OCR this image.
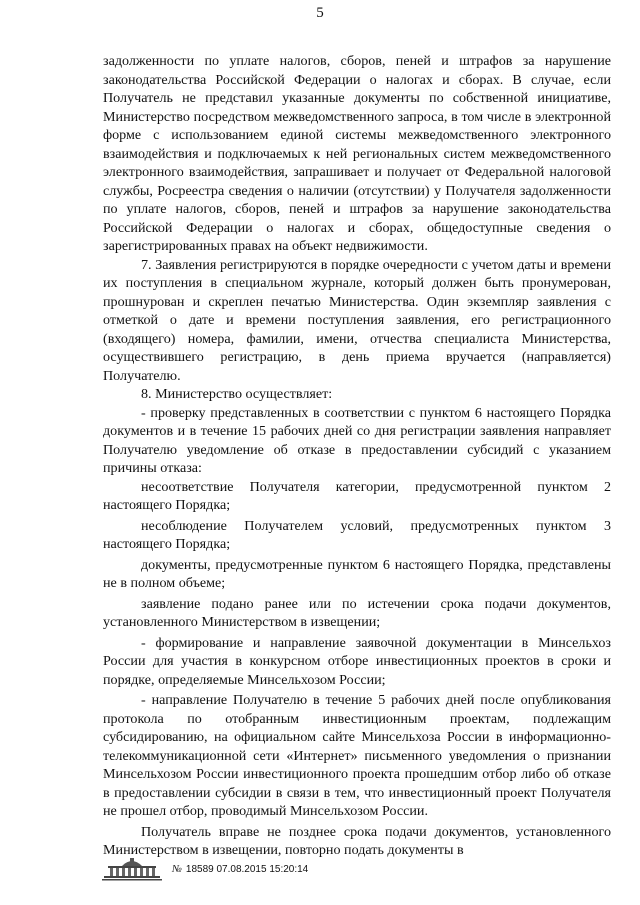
5

задолженности по уплате налогов, сборов, пеней и штрафов за нарушение законодательства Российской Федерации о налогах и сборах. В случае, если Получатель не представил указанные документы по собственной инициативе, Министерство посредством межведомственного запроса, в том числе в электронной форме с использованием единой системы межведомственного электронного взаимодействия и подключаемых к ней региональных систем межведомственного электронного взаимодействия, запрашивает и получает от Федеральной налоговой службы, Росреестра сведения о наличии (отсутствии) у Получателя задолженности по уплате налогов, сборов, пеней и штрафов за нарушение законодательства Российской Федерации о налогах и сборах, общедоступные сведения о зарегистрированных правах на объект недвижимости.

7. Заявления регистрируются в порядке очередности с учетом даты и времени их поступления в специальном журнале, который должен быть пронумерован, прошнурован и скреплен печатью Министерства. Один экземпляр заявления с отметкой о дате и времени поступления заявления, его регистрационного (входящего) номера, фамилии, имени, отчества специалиста Министерства, осуществившего регистрацию, в день приема вручается (направляется) Получателю.

8. Министерство осуществляет:

- проверку представленных в соответствии с пунктом 6 настоящего Порядка документов и в течение 15 рабочих дней со дня регистрации заявления направляет Получателю уведомление об отказе в предоставлении субсидий с указанием причины отказа:

несоответствие Получателя категории, предусмотренной пунктом 2 настоящего Порядка;

несоблюдение Получателем условий, предусмотренных пунктом 3 настоящего Порядка;

документы, предусмотренные пунктом 6 настоящего Порядка, представлены не в полном объеме;

заявление подано ранее или по истечении срока подачи документов, установленного Министерством в извещении;

- формирование и направление заявочной документации в Минсельхоз России для участия в конкурсном отборе инвестиционных проектов в сроки и порядке, определяемые Минсельхозом России;

- направление Получателю в течение 5 рабочих дней после опубликования протокола по отобранным инвестиционным проектам, подлежащим субсидированию, на официальном сайте Минсельхоза России в информационно-телекоммуникационной сети «Интернет» письменного уведомления о признании Минсельхозом России инвестиционного проекта прошедшим отбор либо об отказе в предоставлении субсидии в связи в тем, что инвестиционный проект Получателя не прошел отбор, проводимый Минсельхозом России.

Получатель вправе не позднее срока подачи документов, установленного Министерством в извещении, повторно подать документы в

№ 18589 07.08.2015 15:20:14
